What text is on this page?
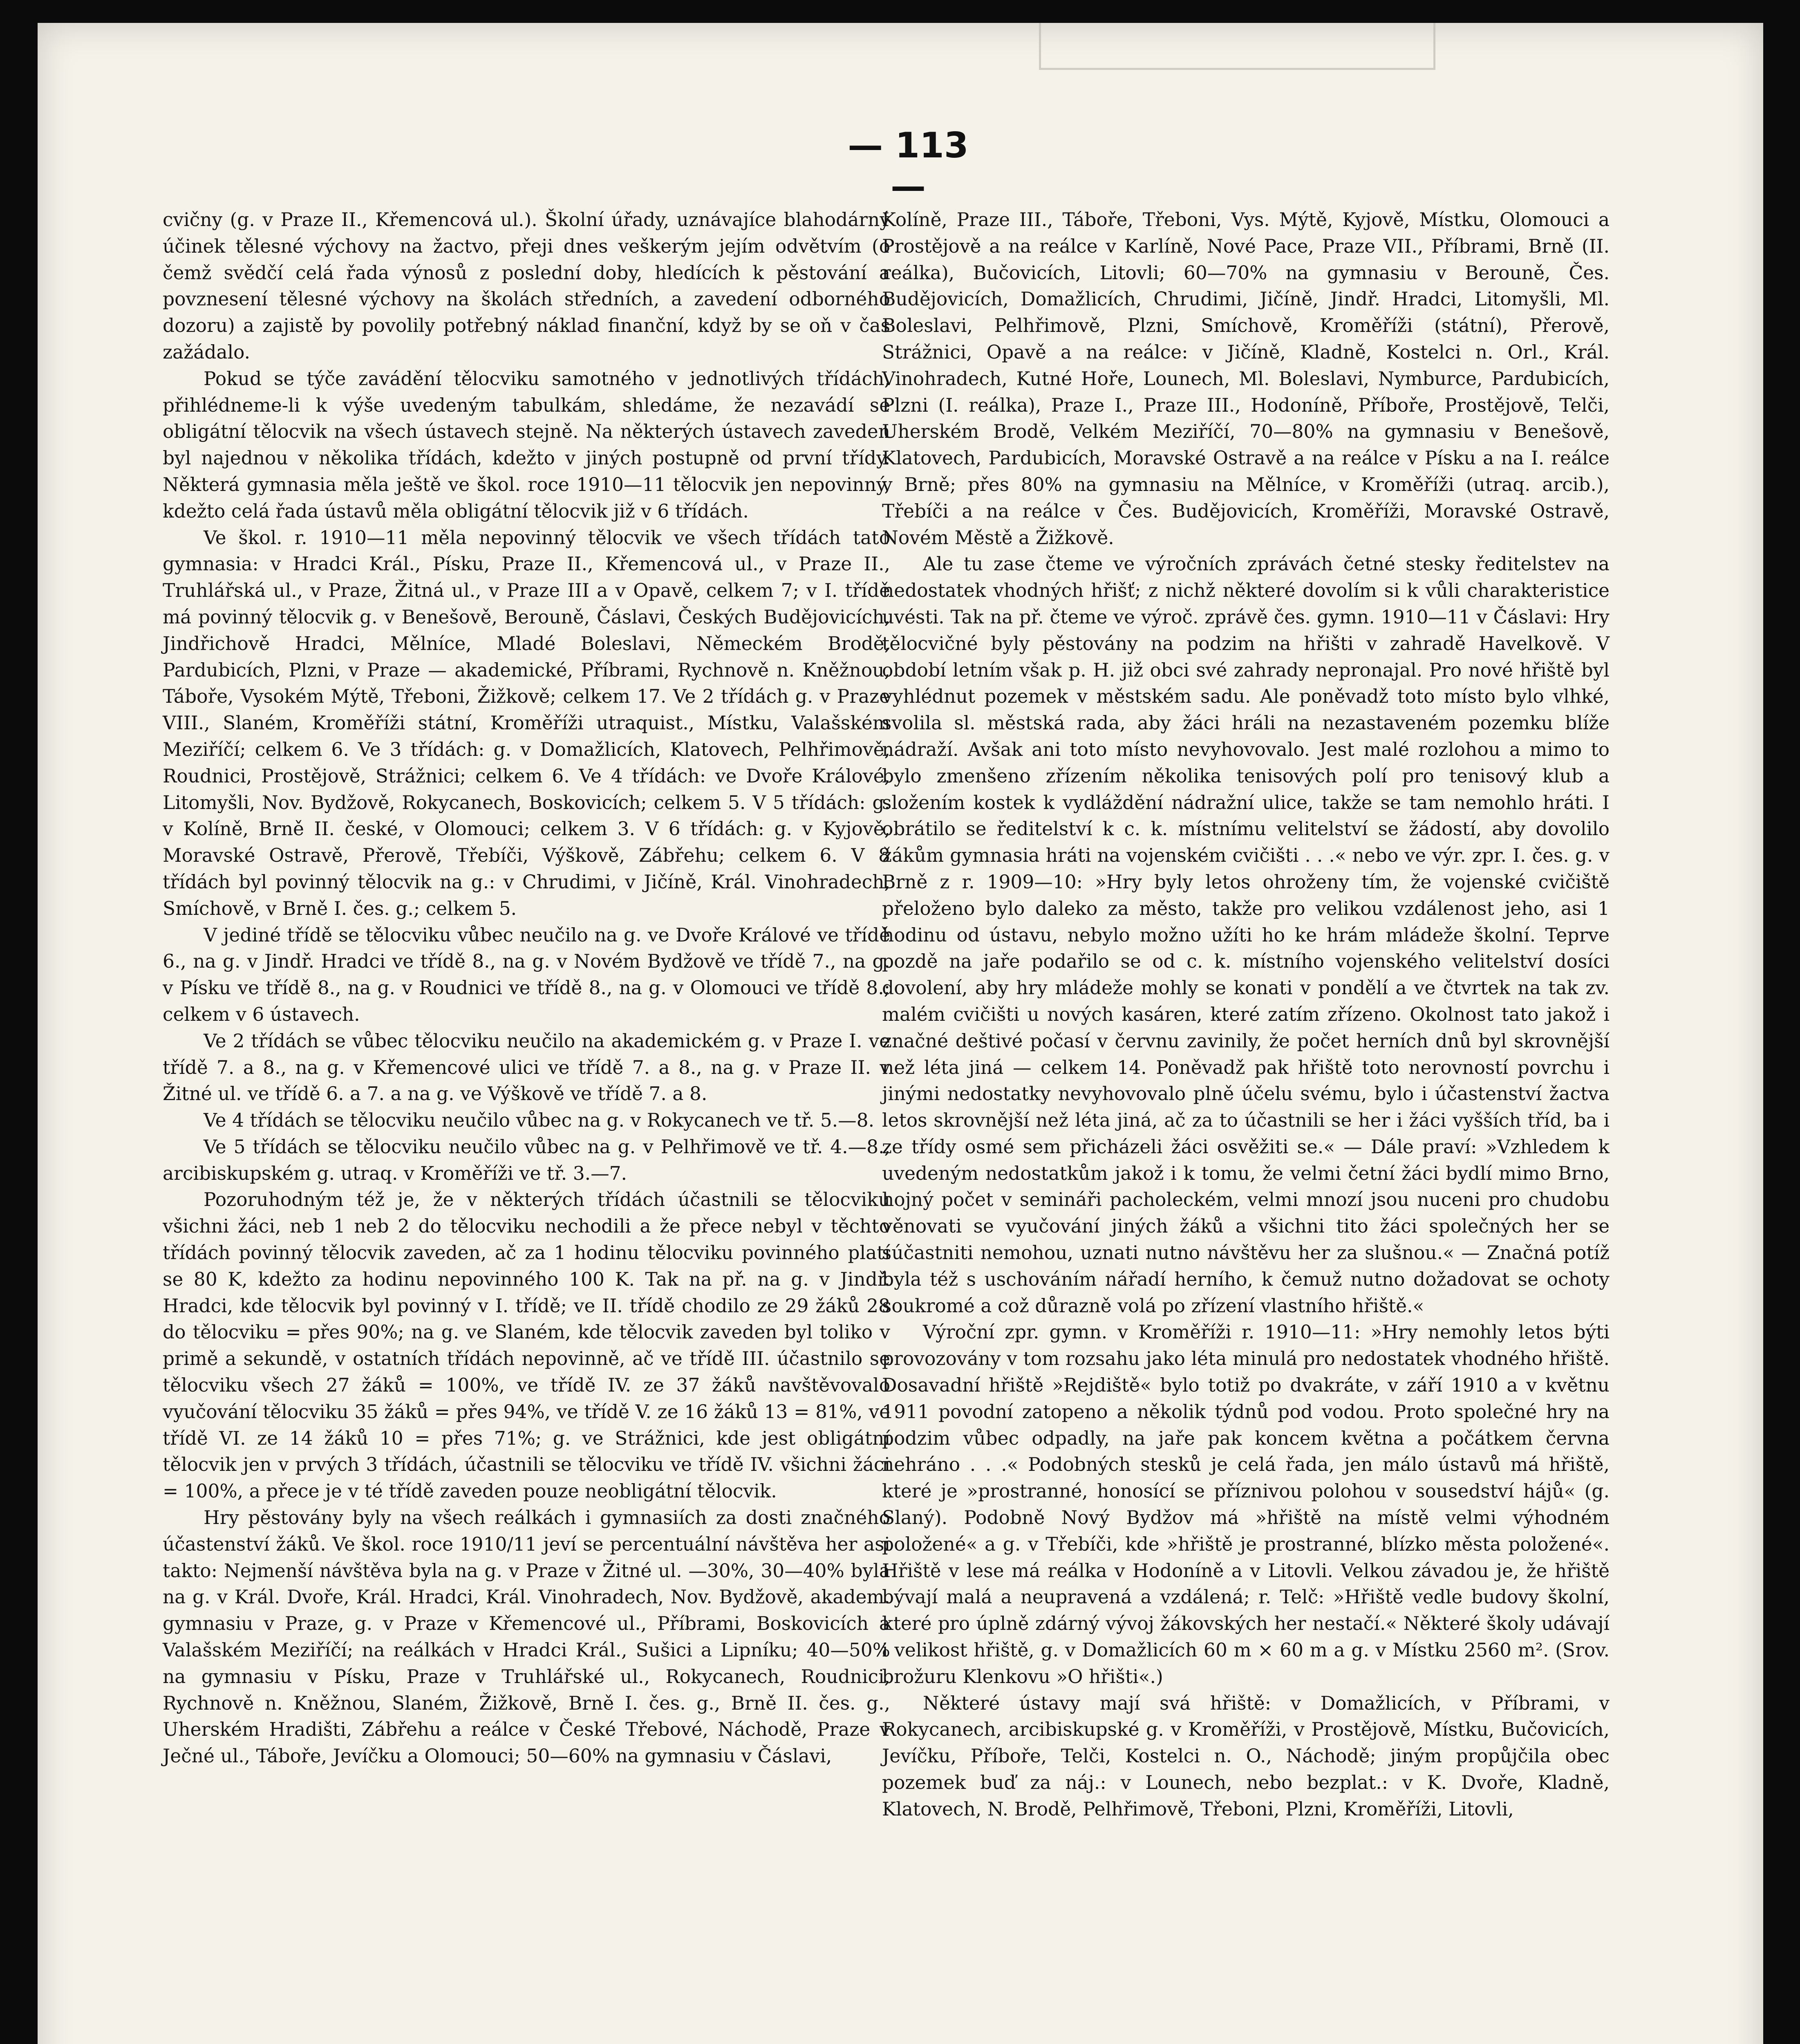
— 113 —

cvičny (g. v Praze II., Křemencová ul.). Školní úřady, uznávajíce blahodárný účinek tělesné výchovy na žactvo, přeji dnes veškerým jejím odvětvím (o čemž svědčí celá řada výnosů z poslední doby, hledících k pěstování a povznesení tělesné výchovy na školách středních, a zavedení odborného dozoru) a zajistě by povolily potřebný náklad finanční, když by se oň v čas zažádalo.

Pokud se týče zavádění tělocviku samotného v jednotlivých třídách, přihlédneme-li k výše uvedeným tabulkám, shledáme, že nezavádí se obligátní tělocvik na všech ústavech stejně. Na některých ústavech zaveden byl najednou v několika třídách, kdežto v jiných postupně od první třídy. Některá gymnasia měla ještě ve škol. roce 1910—11 tělocvik jen nepovinný, kdežto celá řada ústavů měla obligátní tělocvik již v 6 třídách.

Ve škol. r. 1910—11 měla nepovinný tělocvik ve všech třídách tato gymnasia: v Hradci Král., Písku, Praze II., Křemencová ul., v Praze II., Truhlářská ul., v Praze, Žitná ul., v Praze III a v Opavě, celkem 7; v I. třídě má povinný tělocvik g. v Benešově, Berouně, Čáslavi, Českých Budějovicích, Jindřichově Hradci, Mělníce, Mladé Boleslavi, Německém Brodě, Pardubicích, Plzni, v Praze — akademické, Příbrami, Rychnově n. Kněžnou, Táboře, Vysokém Mýtě, Třeboni, Žižkově; celkem 17. Ve 2 třídách g. v Praze VIII., Slaném, Kroměříži státní, Kroměříži utraquist., Místku, Valašském Meziříčí; celkem 6. Ve 3 třídách: g. v Domažlicích, Klatovech, Pelhřimově, Roudnici, Prostějově, Strážnici; celkem 6. Ve 4 třídách: ve Dvoře Králové, Litomyšli, Nov. Bydžově, Rokycanech, Boskovicích; celkem 5. V 5 třídách: g. v Kolíně, Brně II. české, v Olomouci; celkem 3. V 6 třídách: g. v Kyjově, Moravské Ostravě, Přerově, Třebíči, Výškově, Zábřehu; celkem 6. V 8 třídách byl povinný tělocvik na g.: v Chrudimi, v Jičíně, Král. Vinohradech, Smíchově, v Brně I. čes. g.; celkem 5.

V jediné třídě se tělocviku vůbec neučilo na g. ve Dvoře Králové ve třídě 6., na g. v Jindř. Hradci ve třídě 8., na g. v Novém Bydžově ve třídě 7., na g. v Písku ve třídě 8., na g. v Roudnici ve třídě 8., na g. v Olomouci ve třídě 8.; celkem v 6 ústavech.

Ve 2 třídách se vůbec tělocviku neučilo na akademickém g. v Praze I. ve třídě 7. a 8., na g. v Křemencové ulici ve třídě 7. a 8., na g. v Praze II. v Žitné ul. ve třídě 6. a 7. a na g. ve Výškově ve třídě 7. a 8.

Ve 4 třídách se tělocviku neučilo vůbec na g. v Rokycanech ve tř. 5.—8.

Ve 5 třídách se tělocviku neučilo vůbec na g. v Pelhřimově ve tř. 4.—8., arcibiskupském g. utraq. v Kroměříži ve tř. 3.—7.

Pozoruhodným též je, že v některých třídách účastnili se tělocviku všichni žáci, neb 1 neb 2 do tělocviku nechodili a že přece nebyl v těchto třídách povinný tělocvik zaveden, ač za 1 hodinu tělocviku povinného platí se 80 K, kdežto za hodinu nepovinného 100 K. Tak na př. na g. v Jindř. Hradci, kde tělocvik byl povinný v I. třídě; ve II. třídě chodilo ze 29 žáků 28 do tělocviku = přes 90%; na g. ve Slaném, kde tělocvik zaveden byl toliko v primě a sekundě, v ostatních třídách nepovinně, ač ve třídě III. účastnilo se tělocviku všech 27 žáků = 100%, ve třídě IV. ze 37 žáků navštěvovalo vyučování tělocviku 35 žáků = přes 94%, ve třídě V. ze 16 žáků 13 = 81%, ve třídě VI. ze 14 žáků 10 = přes 71%; g. ve Strážnici, kde jest obligátní tělocvik jen v prvých 3 třídách, účastnili se tělocviku ve třídě IV. všichni žáci = 100%, a přece je v té třídě zaveden pouze neobligátní tělocvik.

Hry pěstovány byly na všech reálkách i gymnasiích za dosti značného účastenství žáků. Ve škol. roce 1910/11 jeví se percentuální návštěva her asi takto: Nejmenší návštěva byla na g. v Praze v Žitné ul. —30%, 30—40% byla na g. v Král. Dvoře, Král. Hradci, Král. Vinohradech, Nov. Bydžově, akadem. gymnasiu v Praze, g. v Praze v Křemencové ul., Příbrami, Boskovicích a Valašském Meziříčí; na reálkách v Hradci Král., Sušici a Lipníku; 40—50% na gymnasiu v Písku, Praze v Truhlářské ul., Rokycanech, Roudnici, Rychnově n. Kněžnou, Slaném, Žižkově, Brně I. čes. g., Brně II. čes. g., Uherském Hradišti, Zábřehu a reálce v České Třebové, Náchodě, Praze v Ječné ul., Táboře, Jevíčku a Olomouci; 50—60% na gymnasiu v Čáslavi,

Kolíně, Praze III., Táboře, Třeboni, Vys. Mýtě, Kyjově, Místku, Olomouci a Prostějově a na reálce v Karlíně, Nové Pace, Praze VII., Příbrami, Brně (II. reálka), Bučovicích, Litovli; 60—70% na gymnasiu v Berouně, Čes. Budějovicích, Domažlicích, Chrudimi, Jičíně, Jindř. Hradci, Litomyšli, Ml. Boleslavi, Pelhřimově, Plzni, Smíchově, Kroměříži (státní), Přerově, Strážnici, Opavě a na reálce: v Jičíně, Kladně, Kostelci n. Orl., Král. Vinohradech, Kutné Hoře, Lounech, Ml. Boleslavi, Nymburce, Pardubicích, Plzni (I. reálka), Praze I., Praze III., Hodoníně, Příboře, Prostějově, Telči, Uherském Brodě, Velkém Meziříčí, 70—80% na gymnasiu v Benešově, Klatovech, Pardubicích, Moravské Ostravě a na reálce v Písku a na I. reálce v Brně; přes 80% na gymnasiu na Mělníce, v Kroměříži (utraq. arcib.), Třebíči a na reálce v Čes. Budějovicích, Kroměříži, Moravské Ostravě, Novém Městě a Žižkově.

Ale tu zase čteme ve výročních zprávách četné stesky ředitelstev na nedostatek vhodných hřišť; z nichž některé dovolím si k vůli charakteristice uvésti. Tak na př. čteme ve výroč. zprávě čes. gymn. 1910—11 v Čáslavi: Hry tělocvičné byly pěstovány na podzim na hřišti v zahradě Havelkově. V období letním však p. H. již obci své zahrady nepronajal. Pro nové hřiště byl vyhlédnut pozemek v městském sadu. Ale poněvadž toto místo bylo vlhké, svolila sl. městská rada, aby žáci hráli na nezastaveném pozemku blíže nádraží. Avšak ani toto místo nevyhovovalo. Jest malé rozlohou a mimo to bylo zmenšeno zřízením několika tenisových polí pro tenisový klub a složením kostek k vydláždění nádražní ulice, takže se tam nemohlo hráti. I obrátilo se ředitelství k c. k. místnímu velitelství se žádostí, aby dovolilo žákům gymnasia hráti na vojenském cvičišti . . .« nebo ve výr. zpr. I. čes. g. v Brně z r. 1909—10: »Hry byly letos ohroženy tím, že vojenské cvičiště přeloženo bylo daleko za město, takže pro velikou vzdálenost jeho, asi 1 hodinu od ústavu, nebylo možno užíti ho ke hrám mládeže školní. Teprve pozdě na jaře podařilo se od c. k. místního vojenského velitelství dosíci dovolení, aby hry mládeže mohly se konati v pondělí a ve čtvrtek na tak zv. malém cvičišti u nových kasáren, které zatím zřízeno. Okolnost tato jakož i značné deštivé počasí v červnu zavinily, že počet herních dnů byl skrovnější než léta jiná — celkem 14. Poněvadž pak hřiště toto nerovností povrchu i jinými nedostatky nevyhovovalo plně účelu svému, bylo i účastenství žactva letos skrovnější než léta jiná, ač za to účastnili se her i žáci vyšších tříd, ba i ze třídy osmé sem přicházeli žáci osvěžiti se.« — Dále praví: »Vzhledem k uvedeným nedostatkům jakož i k tomu, že velmi četní žáci bydlí mimo Brno, hojný počet v semináři pacholeckém, velmi mnozí jsou nuceni pro chudobu věnovati se vyučování jiných žáků a všichni tito žáci společných her se súčastniti nemohou, uznati nutno návštěvu her za slušnou.« — Značná potíž byla též s uschováním nářadí herního, k čemuž nutno dožadovat se ochoty soukromé a což důrazně volá po zřízení vlastního hřiště.«

Výroční zpr. gymn. v Kroměříži r. 1910—11: »Hry nemohly letos býti provozovány v tom rozsahu jako léta minulá pro nedostatek vhodného hřiště. Dosavadní hřiště »Rejdiště« bylo totiž po dvakráte, v září 1910 a v květnu 1911 povodní zatopeno a několik týdnů pod vodou. Proto společné hry na podzim vůbec odpadly, na jaře pak koncem května a počátkem června nehráno . . .« Podobných stesků je celá řada, jen málo ústavů má hřiště, které je »prostranné, honosící se příznivou polohou v sousedství hájů« (g. Slaný). Podobně Nový Bydžov má »hřiště na místě velmi výhodném položené« a g. v Třebíči, kde »hřiště je prostranné, blízko města položené«. Hřiště v lese má reálka v Hodoníně a v Litovli. Velkou závadou je, že hřiště bývají malá a neupravená a vzdálená; r. Telč: »Hřiště vedle budovy školní, které pro úplně zdárný vývoj žákovských her nestačí.« Některé školy udávají i velikost hřiště, g. v Domažlicích 60 m × 60 m a g. v Místku 2560 m². (Srov. brožuru Klenkovu »O hřišti«.)

Některé ústavy mají svá hřiště: v Domažlicích, v Příbrami, v Rokycanech, arcibiskupské g. v Kroměříži, v Prostějově, Místku, Bučovicích, Jevíčku, Příboře, Telči, Kostelci n. O., Náchodě; jiným propůjčila obec pozemek buď za náj.: v Lounech, nebo bezplat.: v K. Dvoře, Kladně, Klatovech, N. Brodě, Pelhřimově, Třeboni, Plzni, Kroměříži, Litovli,
